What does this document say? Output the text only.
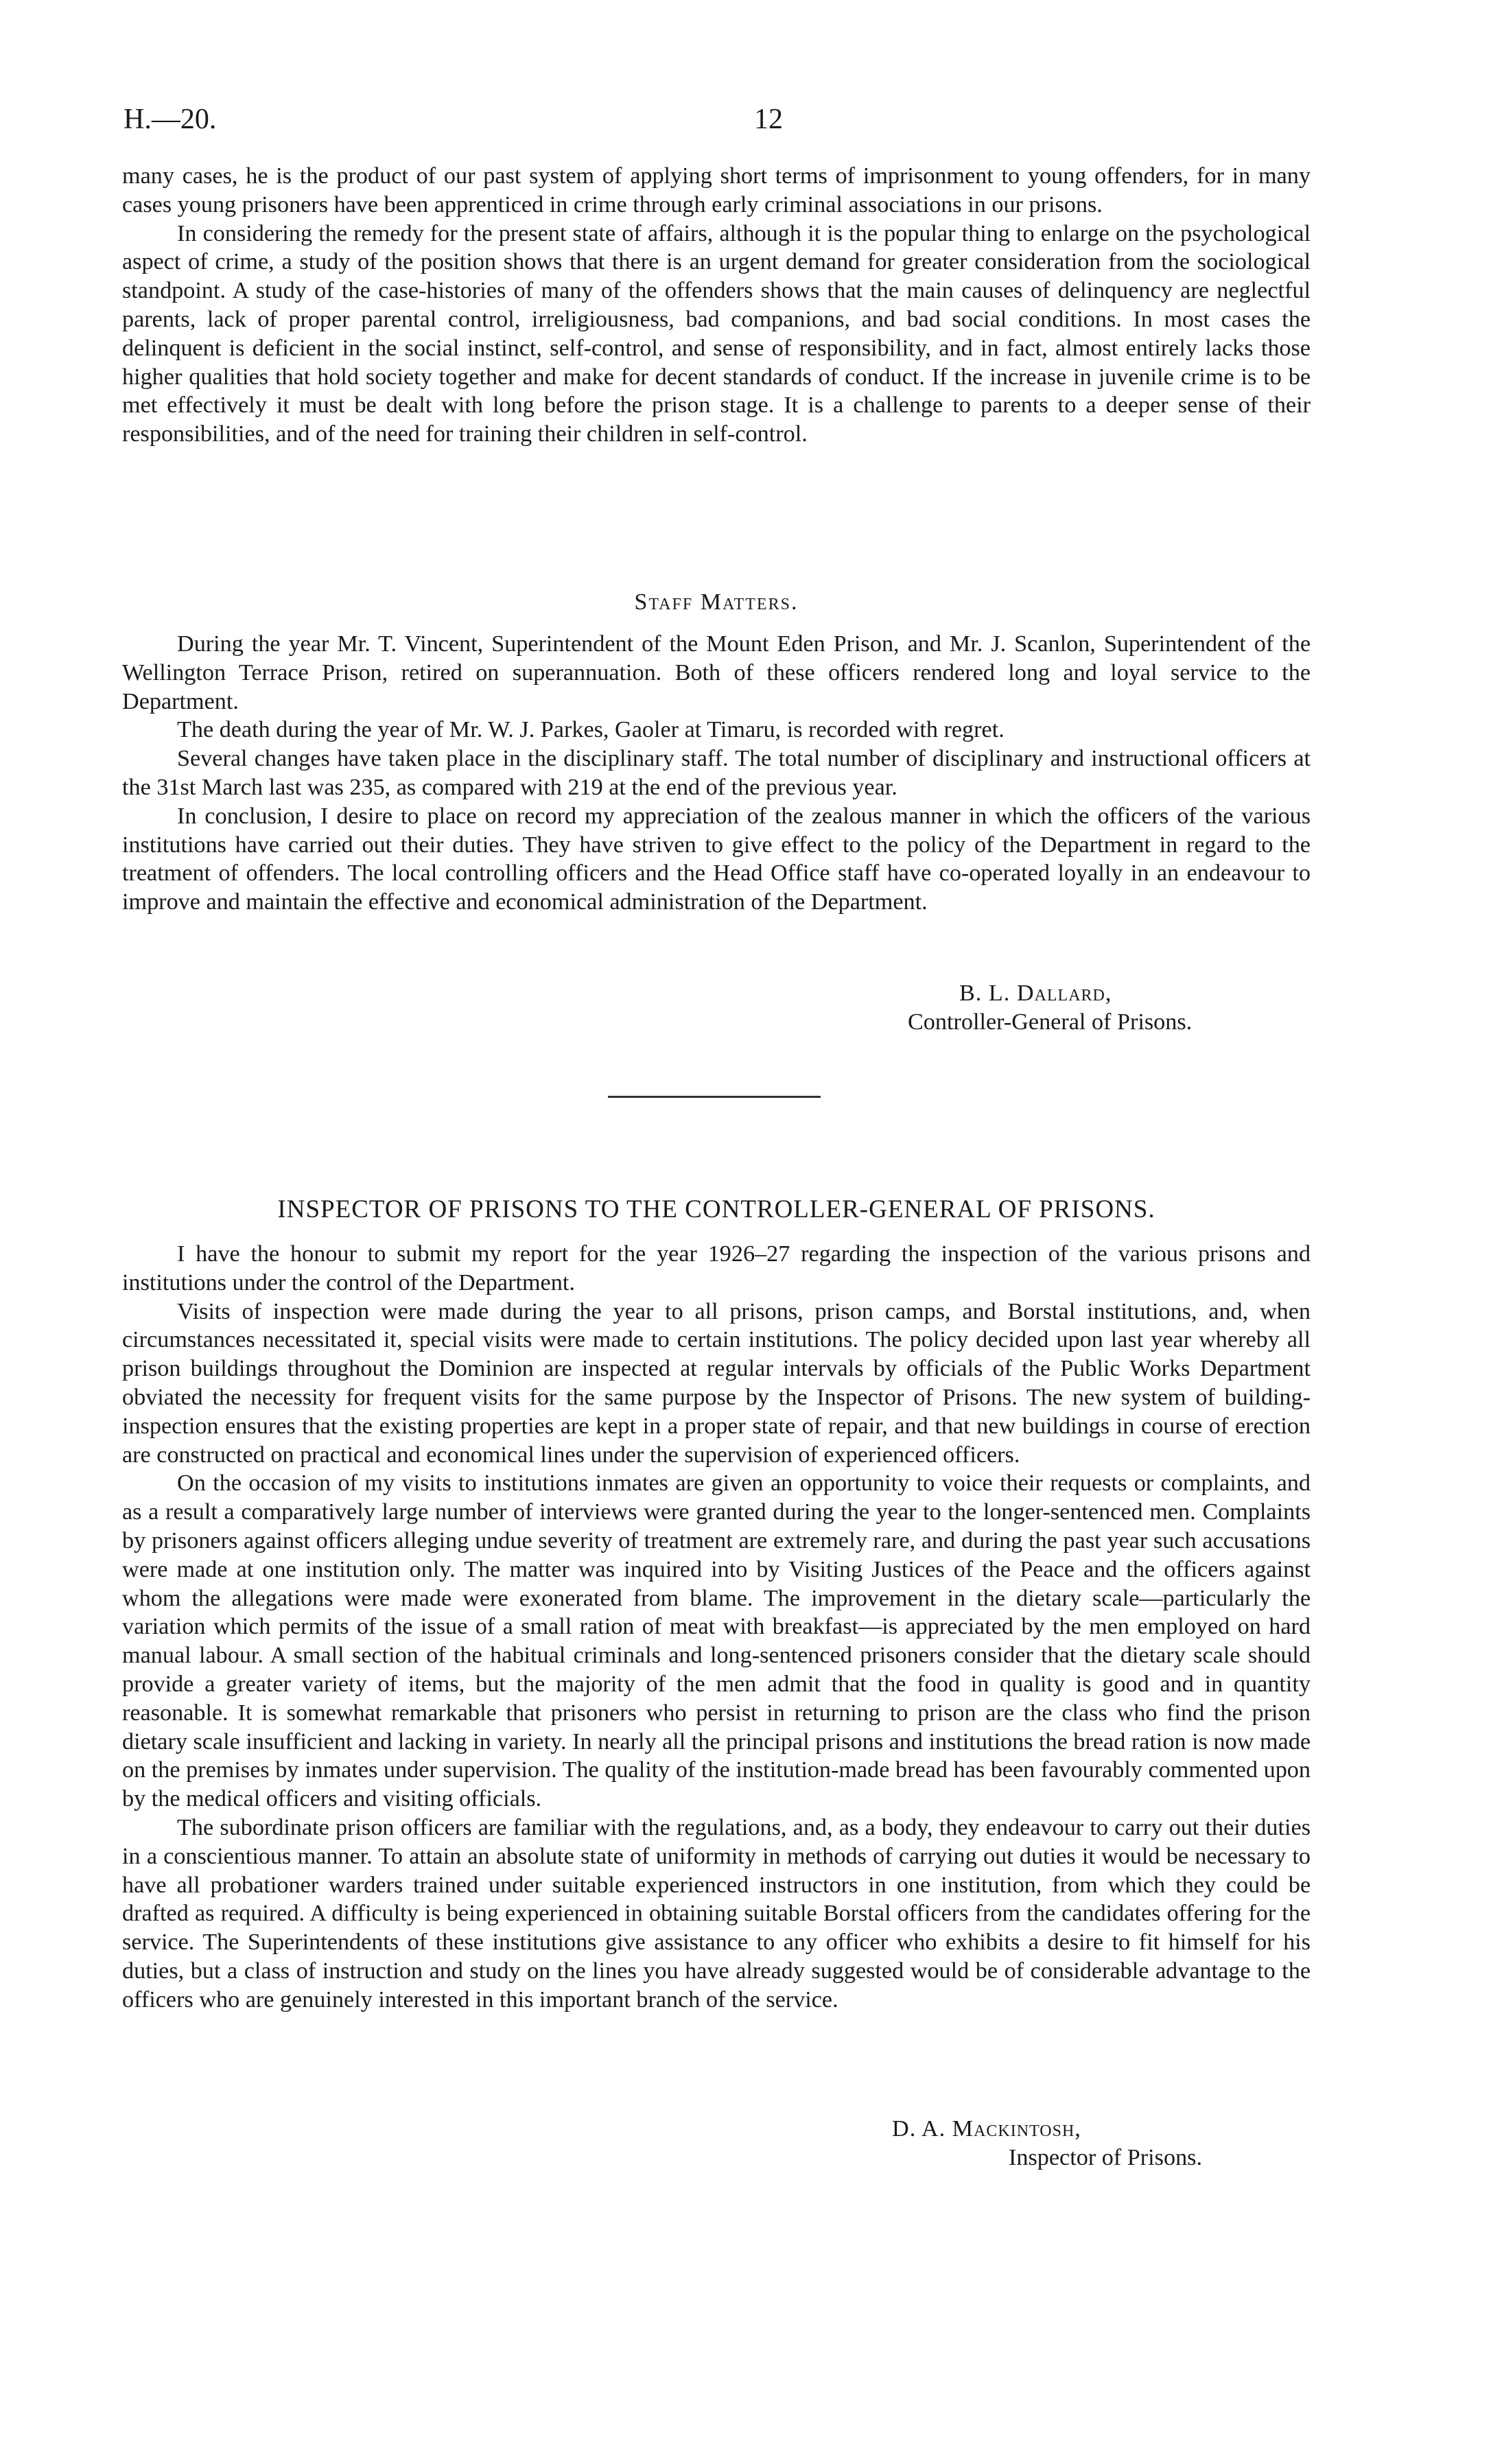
H.—20.	12

many cases, he is the product of our past system of applying short terms of imprisonment to young offenders, for in many cases young prisoners have been apprenticed in crime through early criminal associations in our prisons.

In considering the remedy for the present state of affairs, although it is the popular thing to enlarge on the psychological aspect of crime, a study of the position shows that there is an urgent demand for greater consideration from the sociological standpoint. A study of the case-histories of many of the offenders shows that the main causes of delinquency are neglectful parents, lack of proper parental control, irreligiousness, bad companions, and bad social conditions. In most cases the delinquent is deficient in the social instinct, self-control, and sense of responsibility, and in fact, almost entirely lacks those higher qualities that hold society together and make for decent standards of conduct. If the increase in juvenile crime is to be met effectively it must be dealt with long before the prison stage. It is a challenge to parents to a deeper sense of their responsibilities, and of the need for training their children in self-control.

Staff Matters.

During the year Mr. T. Vincent, Superintendent of the Mount Eden Prison, and Mr. J. Scanlon, Superintendent of the Wellington Terrace Prison, retired on superannuation. Both of these officers rendered long and loyal service to the Department.

The death during the year of Mr. W. J. Parkes, Gaoler at Timaru, is recorded with regret.

Several changes have taken place in the disciplinary staff. The total number of disciplinary and instructional officers at the 31st March last was 235, as compared with 219 at the end of the previous year.

In conclusion, I desire to place on record my appreciation of the zealous manner in which the officers of the various institutions have carried out their duties. They have striven to give effect to the policy of the Department in regard to the treatment of offenders. The local controlling officers and the Head Office staff have co-operated loyally in an endeavour to improve and maintain the effective and economical administration of the Department.

B. L. Dallard,
Controller-General of Prisons.
INSPECTOR OF PRISONS TO THE CONTROLLER-GENERAL OF PRISONS.

I have the honour to submit my report for the year 1926–27 regarding the inspection of the various prisons and institutions under the control of the Department.

Visits of inspection were made during the year to all prisons, prison camps, and Borstal institutions, and, when circumstances necessitated it, special visits were made to certain institutions. The policy decided upon last year whereby all prison buildings throughout the Dominion are inspected at regular intervals by officials of the Public Works Department obviated the necessity for frequent visits for the same purpose by the Inspector of Prisons. The new system of building-inspection ensures that the existing properties are kept in a proper state of repair, and that new buildings in course of erection are constructed on practical and economical lines under the supervision of experienced officers.

On the occasion of my visits to institutions inmates are given an opportunity to voice their requests or complaints, and as a result a comparatively large number of interviews were granted during the year to the longer-sentenced men. Complaints by prisoners against officers alleging undue severity of treatment are extremely rare, and during the past year such accusations were made at one institution only. The matter was inquired into by Visiting Justices of the Peace and the officers against whom the allegations were made were exonerated from blame. The improvement in the dietary scale—particularly the variation which permits of the issue of a small ration of meat with breakfast—is appreciated by the men employed on hard manual labour. A small section of the habitual criminals and long-sentenced prisoners consider that the dietary scale should provide a greater variety of items, but the majority of the men admit that the food in quality is good and in quantity reasonable. It is somewhat remarkable that prisoners who persist in returning to prison are the class who find the prison dietary scale insufficient and lacking in variety. In nearly all the principal prisons and institutions the bread ration is now made on the premises by inmates under supervision. The quality of the institution-made bread has been favourably commented upon by the medical officers and visiting officials.

The subordinate prison officers are familiar with the regulations, and, as a body, they endeavour to carry out their duties in a conscientious manner. To attain an absolute state of uniformity in methods of carrying out duties it would be necessary to have all probationer warders trained under suitable experienced instructors in one institution, from which they could be drafted as required. A difficulty is being experienced in obtaining suitable Borstal officers from the candidates offering for the service. The Superintendents of these institutions give assistance to any officer who exhibits a desire to fit himself for his duties, but a class of instruction and study on the lines you have already suggested would be of considerable advantage to the officers who are genuinely interested in this important branch of the service.

D. A. Mackintosh,
Inspector of Prisons.
